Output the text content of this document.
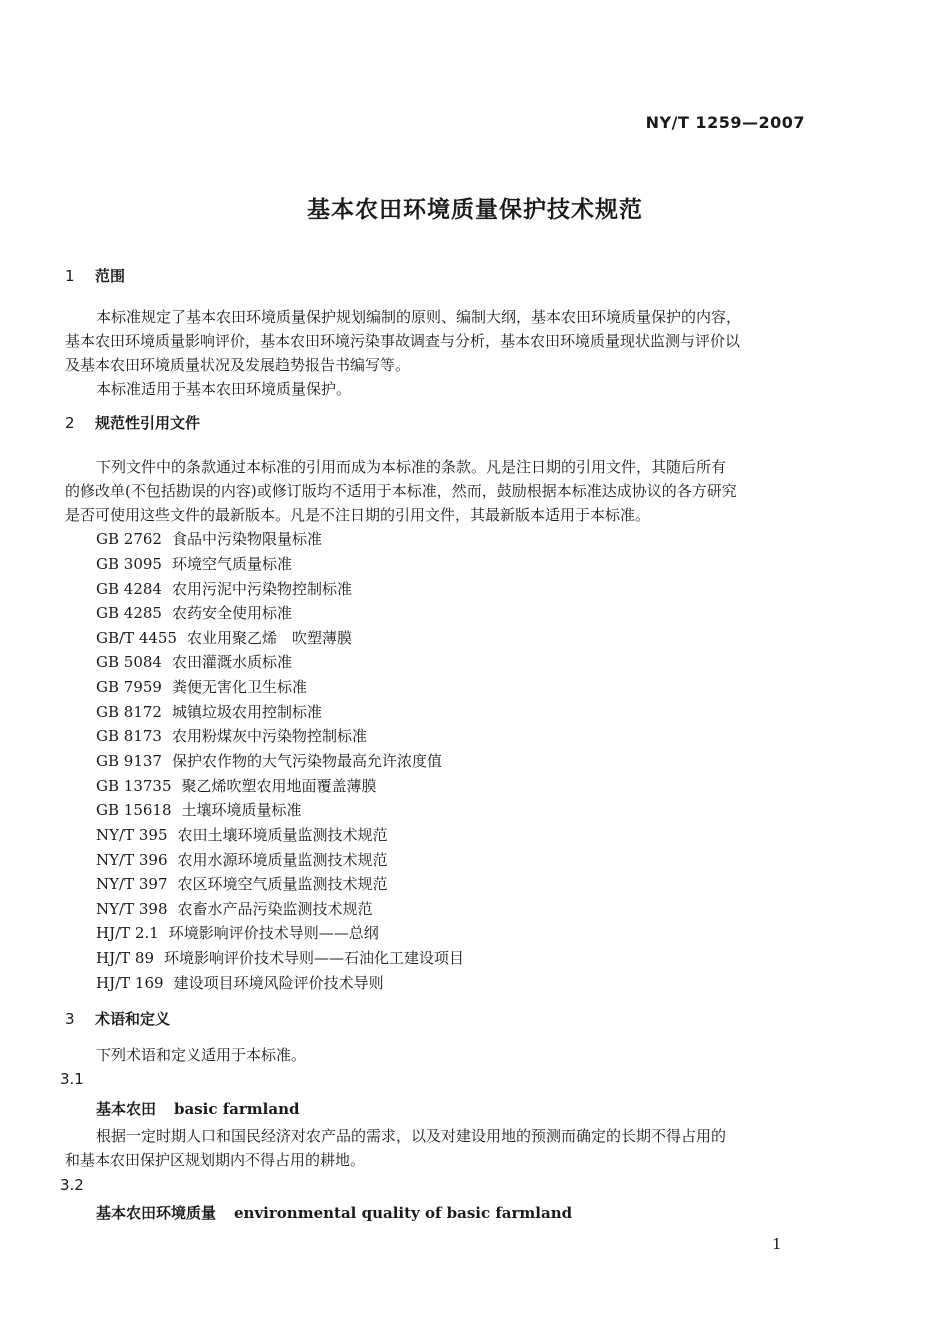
NY/T 1259—2007
基本农田环境质量保护技术规范
1 范围
本标准规定了基本农田环境质量保护规划编制的原则、编制大纲，基本农田环境质量保护的内容，
基本农田环境质量影响评价，基本农田环境污染事故调查与分析，基本农田环境质量现状监测与评价以
及基本农田环境质量状况及发展趋势报告书编写等。
本标准适用于基本农田环境质量保护。
2 规范性引用文件
下列文件中的条款通过本标准的引用而成为本标准的条款。凡是注日期的引用文件，其随后所有
的修改单(不包括勘误的内容)或修订版均不适用于本标准，然而，鼓励根据本标准达成协议的各方研究
是否可使用这些文件的最新版本。凡是不注日期的引用文件，其最新版本适用于本标准。
GB 2762 食品中污染物限量标准
GB 3095 环境空气质量标准
GB 4284 农用污泥中污染物控制标准
GB 4285 农药安全使用标准
GB/T 4455 农业用聚乙烯　吹塑薄膜
GB 5084 农田灌溉水质标准
GB 7959 粪便无害化卫生标准
GB 8172 城镇垃圾农用控制标准
GB 8173 农用粉煤灰中污染物控制标准
GB 9137 保护农作物的大气污染物最高允许浓度值
GB 13735 聚乙烯吹塑农用地面覆盖薄膜
GB 15618 土壤环境质量标准
NY/T 395 农田土壤环境质量监测技术规范
NY/T 396 农用水源环境质量监测技术规范
NY/T 397 农区环境空气质量监测技术规范
NY/T 398 农畜水产品污染监测技术规范
HJ/T 2.1 环境影响评价技术导则——总纲
HJ/T 89 环境影响评价技术导则——石油化工建设项目
HJ/T 169 建设项目环境风险评价技术导则
3 术语和定义
下列术语和定义适用于本标准。
3.1
基本农田 basic farmland
根据一定时期人口和国民经济对农产品的需求，以及对建设用地的预测而确定的长期不得占用的
和基本农田保护区规划期内不得占用的耕地。
3.2
基本农田环境质量 environmental quality of basic farmland
1
